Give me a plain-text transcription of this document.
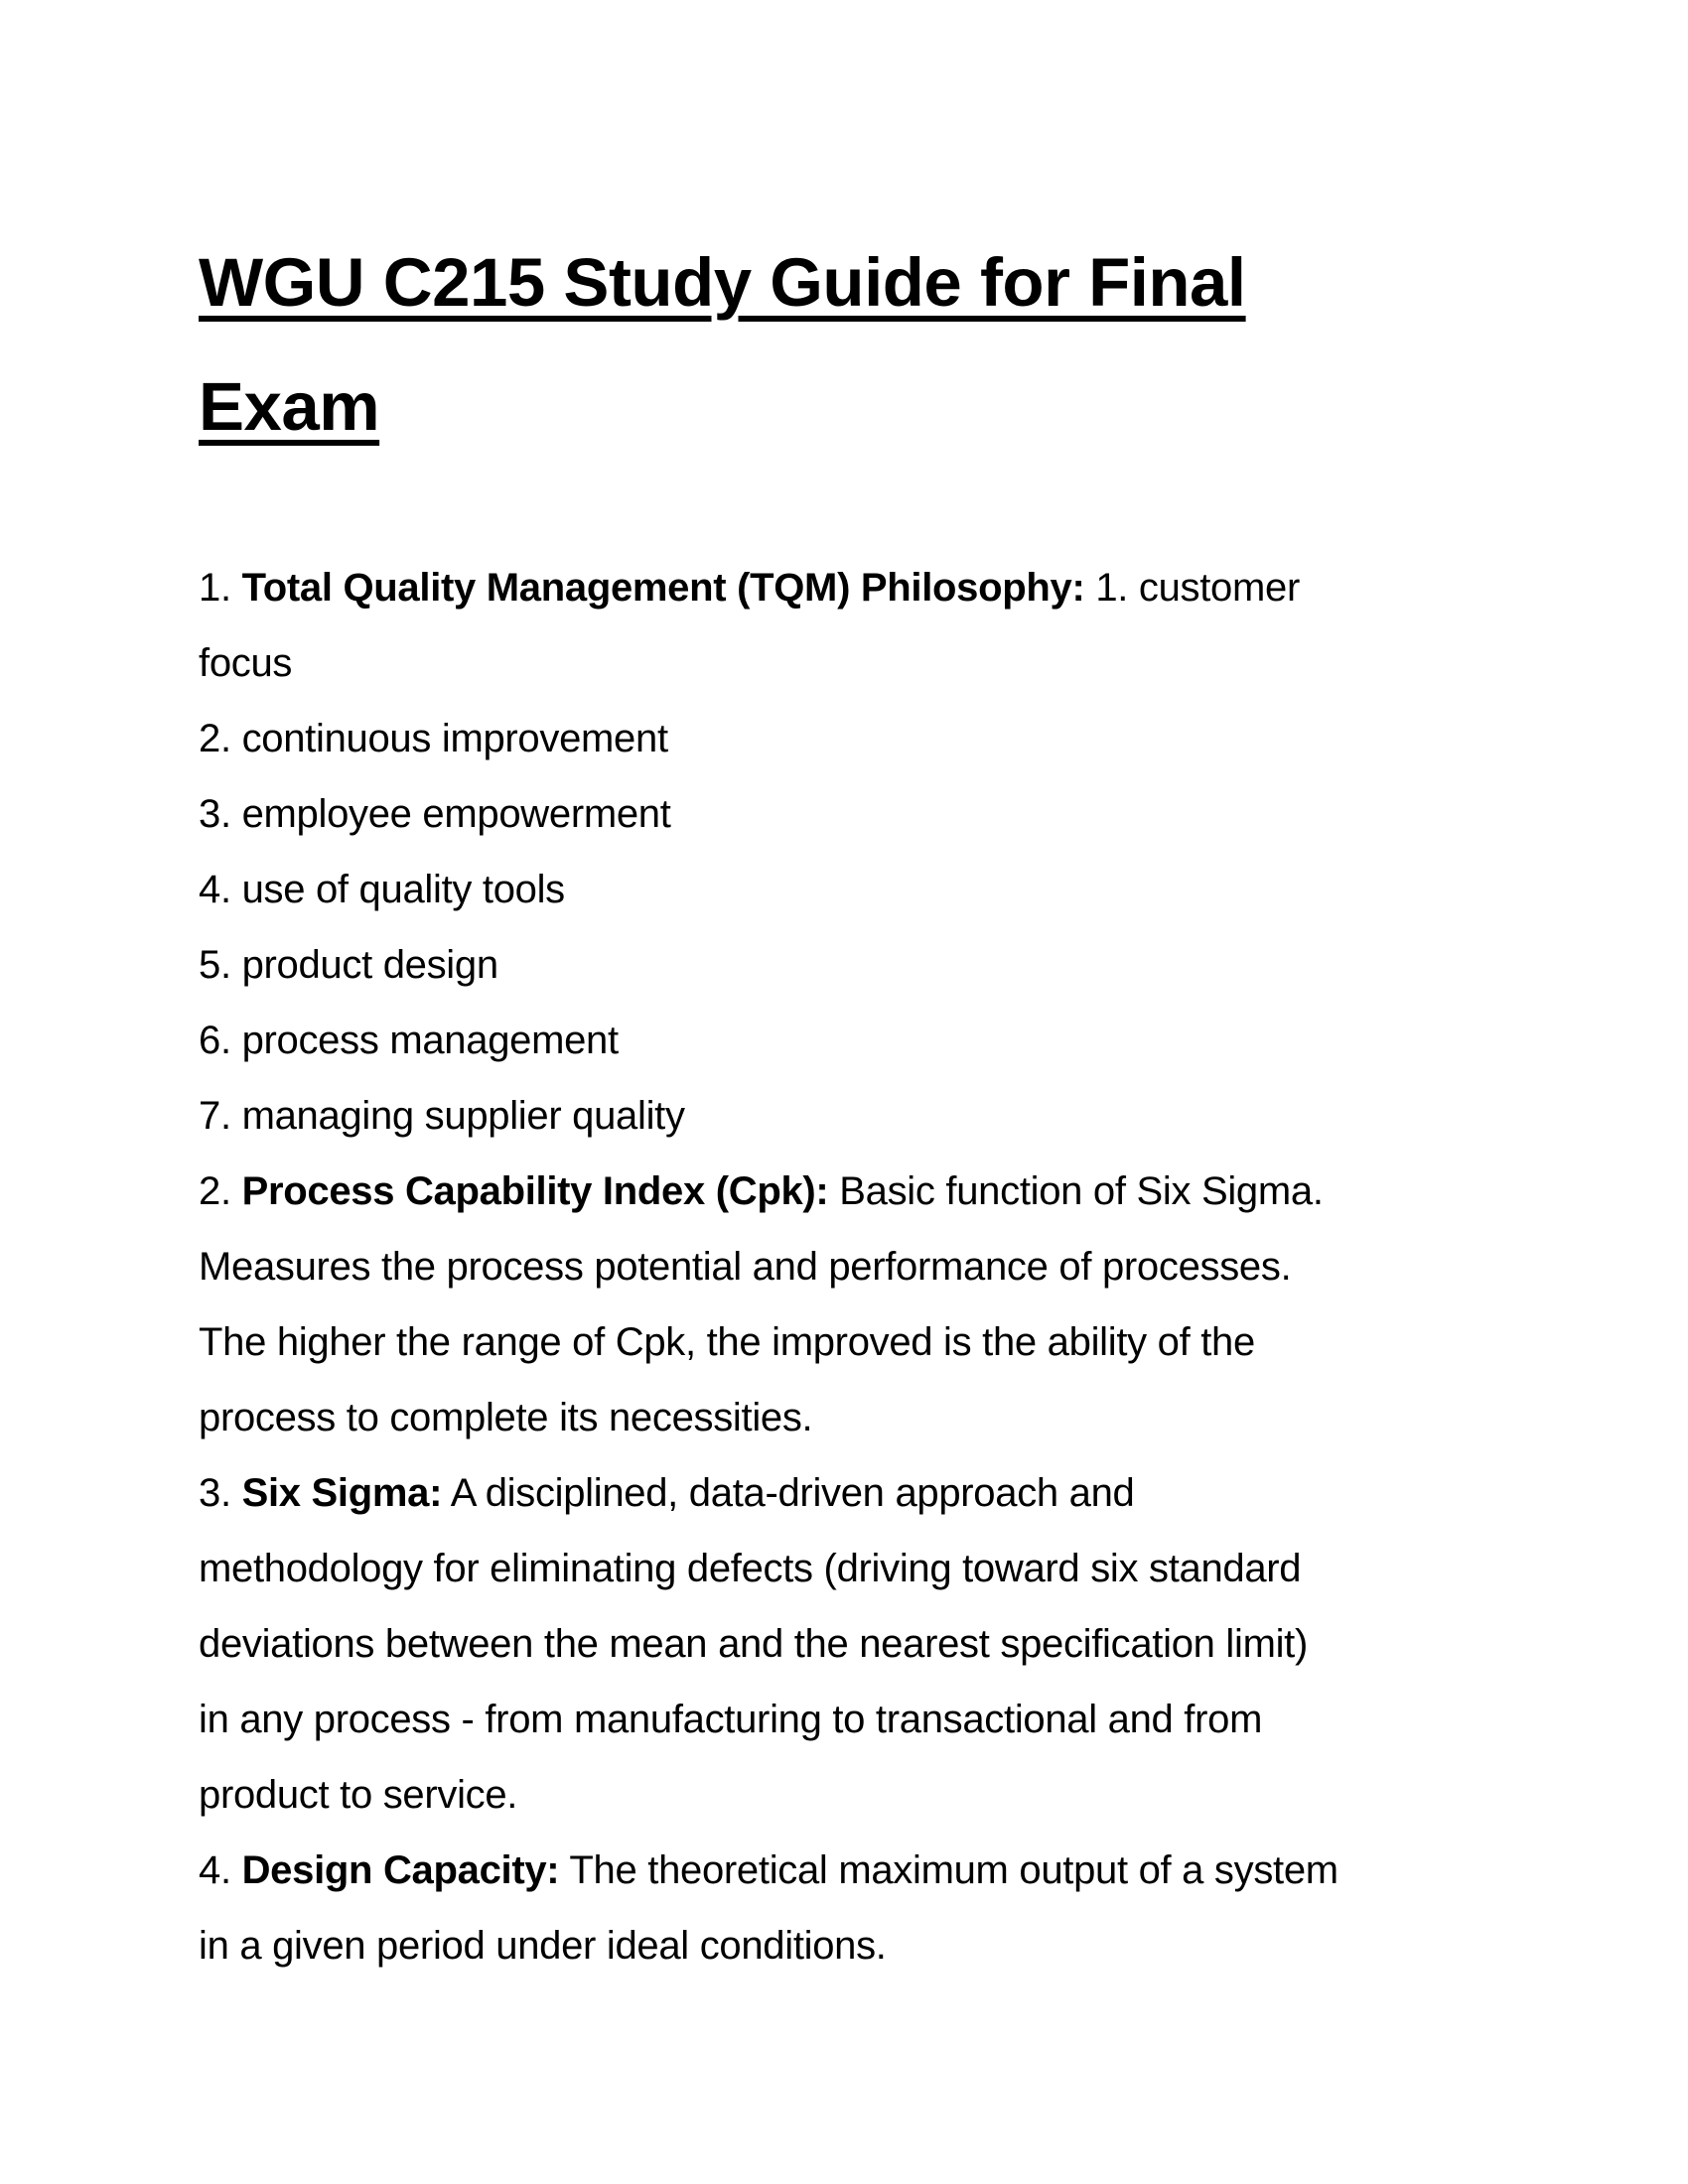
WGU C215 Study Guide for Final
Exam
1. Total Quality Management (TQM) Philosophy: 1. customer
focus
2. continuous improvement
3. employee empowerment
4. use of quality tools
5. product design
6. process management
7. managing supplier quality
2. Process Capability Index (Cpk): Basic function of Six Sigma.
Measures the process potential and performance of processes.
The higher the range of Cpk, the improved is the ability of the
process to complete its necessities.
3. Six Sigma: A disciplined, data-driven approach and
methodology for eliminating defects (driving toward six standard
deviations between the mean and the nearest specification limit)
in any process - from manufacturing to transactional and from
product to service.
4. Design Capacity: The theoretical maximum output of a system
in a given period under ideal conditions.
